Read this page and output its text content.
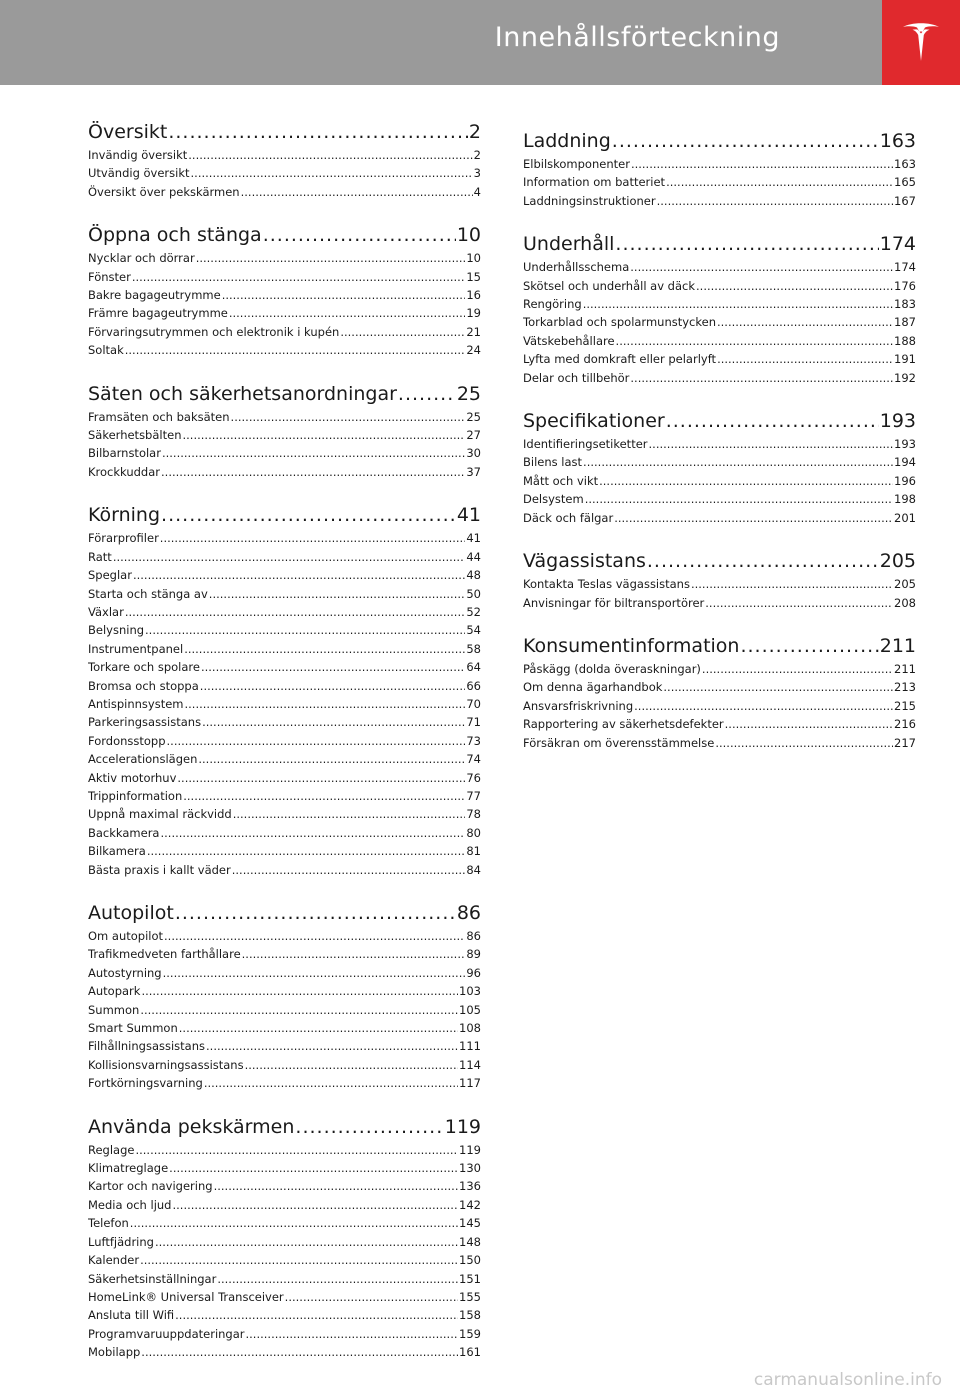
Innehållsförteckning
Översikt .....	2
Invändig översikt .....	2
Utvändig översikt .....	3
Översikt över pekskärmen .....	4
Öppna och stänga .....	10
Nycklar och dörrar .....	10
Fönster .....	15
Bakre bagageutrymme .....	16
Främre bagageutrymme .....	19
Förvaringsutrymmen och elektronik i kupén .....	21
Soltak .....	24
Säten och säkerhetsanordningar .....	25
Framsäten och baksäten .....	25
Säkerhetsbälten .....	27
Bilbarnstolar .....	30
Krockkuddar .....	37
Körning .....	41
Förarprofiler .....	41
Ratt .....	44
Speglar .....	48
Starta och stänga av .....	50
Växlar .....	52
Belysning .....	54
Instrumentpanel .....	58
Torkare och spolare .....	64
Bromsa och stoppa .....	66
Antispinnsystem .....	70
Parkeringsassistans .....	71
Fordonsstopp .....	73
Accelerationslägen .....	74
Aktiv motorhuv .....	76
Trippinformation .....	77
Uppnå maximal räckvidd .....	78
Backkamera .....	80
Bilkamera .....	81
Bästa praxis i kallt väder .....	84
Autopilot .....	86
Om autopilot .....	86
Trafikmedveten farthållare .....	89
Autostyrning .....	96
Autopark .....	103
Summon .....	105
Smart Summon .....	108
Filhållningsassistans .....	111
Kollisionsvarningsassistans .....	114
Fortkörningsvarning .....	117
Använda pekskärmen .....	119
Reglage .....	119
Klimatreglage .....	130
Kartor och navigering .....	136
Media och ljud .....	142
Telefon .....	145
Luftfjädring .....	148
Kalender .....	150
Säkerhetsinställningar .....	151
HomeLink® Universal Transceiver .....	155
Ansluta till Wifi .....	158
Programvaruuppdateringar .....	159
Mobilapp .....	161
Laddning .....	163
Elbilskomponenter .....	163
Information om batteriet .....	165
Laddningsinstruktioner .....	167
Underhåll .....	174
Underhållsschema .....	174
Skötsel och underhåll av däck .....	176
Rengöring .....	183
Torkarblad och spolarmunstycken .....	187
Vätskebehållare .....	188
Lyfta med domkraft eller pelarlyft .....	191
Delar och tillbehör .....	192
Specifikationer .....	193
Identifieringsetiketter .....	193
Bilens last .....	194
Mått och vikt .....	196
Delsystem .....	198
Däck och fälgar .....	201
Vägassistans .....	205
Kontakta Teslas vägassistans .....	205
Anvisningar för biltransportörer .....	208
Konsumentinformation .....	211
Påskägg (dolda överaskningar) .....	211
Om denna ägarhandbok .....	213
Ansvarsfriskrivning .....	215
Rapportering av säkerhetsdefekter .....	216
Försäkran om överensstämmelse .....	217
carmanualsonline.info
